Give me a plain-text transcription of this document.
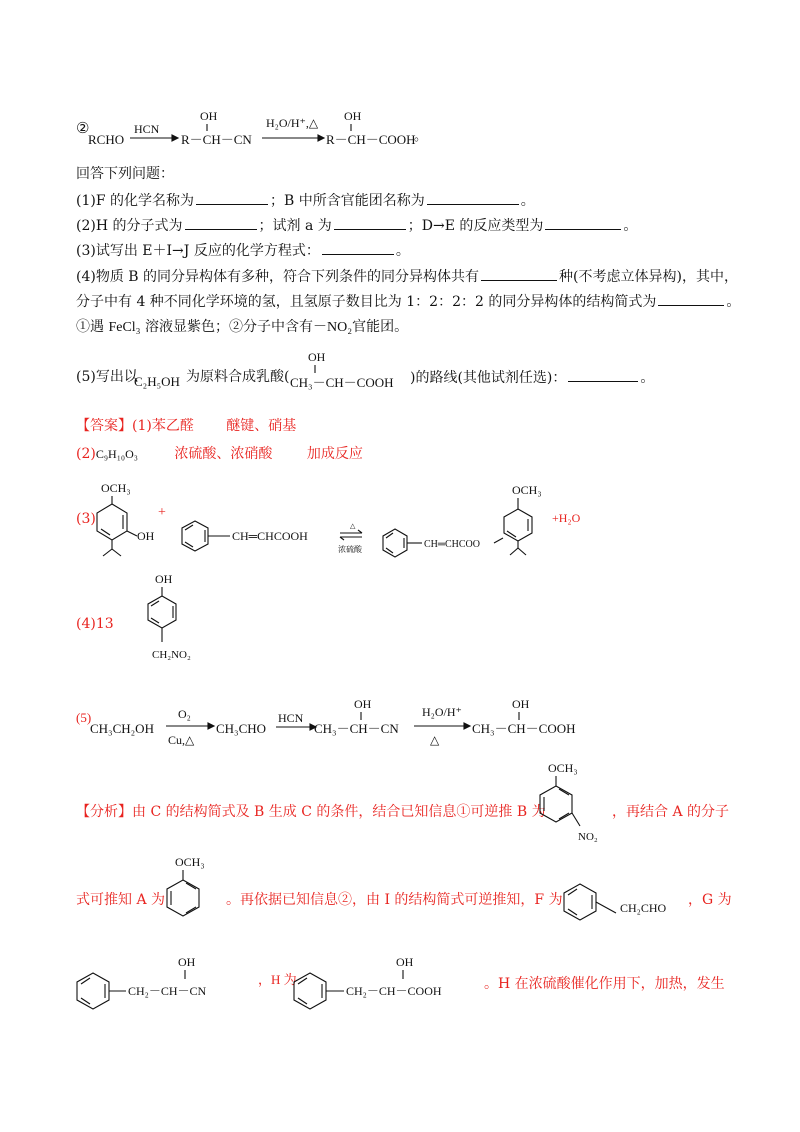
②
RCHO
HCN
OH
R－CH－CN
H₂O/H⁺,△ OH
R－CH－COOH
。
回答下列问题：
(1)F 的化学名称为	；B 中所含官能团名称为	。
(2)H 的分子式为	；试剂 a 为	；D→E 的反应类型为	。
(3)试写出 E＋I→J 反应的化学方程式：	。
(4)物质 B 的同分异构体有多种，符合下列条件的同分异构体共有	种(不考虑立体异构)，其中，
分子中有 4 种不同化学环境的氢，且氢原子数目比为 1：2：2：2 的同分异构体的结构简式为	。
①遇 FeCl₃ 溶液显紫色；②分子中含有－NO₂官能团。
(5)写出以
C₂H₅OH
OH
CH₃－CH－COOH
为原料合成乳酸(	)的路线(其他试剂任选)：	。
【答案】(1)苯乙醛 醚键、硝基
(2)C₉H₁₀O₃	浓硫酸、浓硝酸 加成反应
(3)
OCH₃
OH
+
CH═CHCOOH
△
浓硫酸	CH═CHCOO
OCH₃
+H₂O
(4)13
OH
CH₂NO₂
(5)
CH₃CH₂OH
O₂
Cu,△
CH₃CHO
HCN
OH
CH₃－CH－CN
H₂O/H⁺
△
OH
CH₃－CH－COOH
【分析】由 C 的结构简式及 B 生成 C 的条件，结合已知信息①可逆推 B 为	，再结合 A 的分子
OCH₃
NO₂
式可推知 A 为
OCH₃
。再依据已知信息②，由 I 的结构简式可逆推知，F 为	CH₂CHO ，G 为
OH
CH₂－CH－CN
，H 为
OH
CH₂－CH－COOH	。H 在浓硫酸催化作用下，加热，发生
